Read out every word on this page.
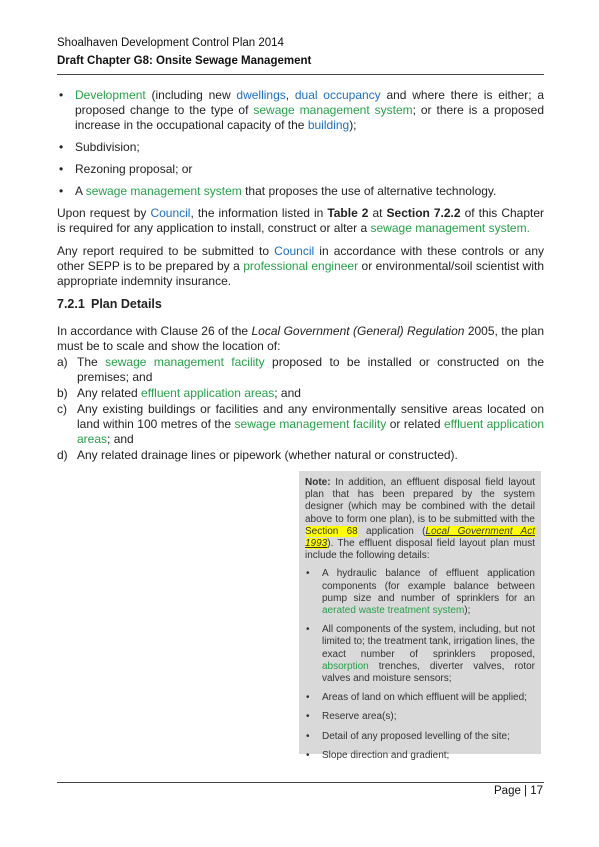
Shoalhaven Development Control Plan 2014
Draft Chapter G8: Onsite Sewage Management
• Development (including new dwellings, dual occupancy and where there is either; a proposed change to the type of sewage management system; or there is a proposed increase in the occupational capacity of the building);
• Subdivision;
• Rezoning proposal; or
• A sewage management system that proposes the use of alternative technology.

Upon request by Council, the information listed in Table 2 at Section 7.2.2 of this Chapter is required for any application to install, construct or alter a sewage management system.

Any report required to be submitted to Council in accordance with these controls or any other SEPP is to be prepared by a professional engineer or environmental/soil scientist with appropriate indemnity insurance.

7.2.1 Plan Details

In accordance with Clause 26 of the Local Government (General) Regulation 2005, the plan must be to scale and show the location of:

a) The sewage management facility proposed to be installed or constructed on the premises; and
b) Any related effluent application areas; and
c) Any existing buildings or facilities and any environmentally sensitive areas located on land within 100 metres of the sewage management facility or related effluent application areas; and
d) Any related drainage lines or pipework (whether natural or constructed).

Note: In addition, an effluent disposal field layout plan that has been prepared by the system designer (which may be combined with the detail above to form one plan), is to be submitted with the Section 68 application (Local Government Act 1993). The effluent disposal field layout plan must include the following details:

• A hydraulic balance of effluent application components (for example balance between pump size and number of sprinklers for an aerated waste treatment system);
• All components of the system, including, but not limited to; the treatment tank, irrigation lines, the exact number of sprinklers proposed, absorption trenches, diverter valves, rotor valves and moisture sensors;
• Areas of land on which effluent will be applied;
• Reserve area(s);
• Detail of any proposed levelling of the site;
• Slope direction and gradient;
Page | 17
